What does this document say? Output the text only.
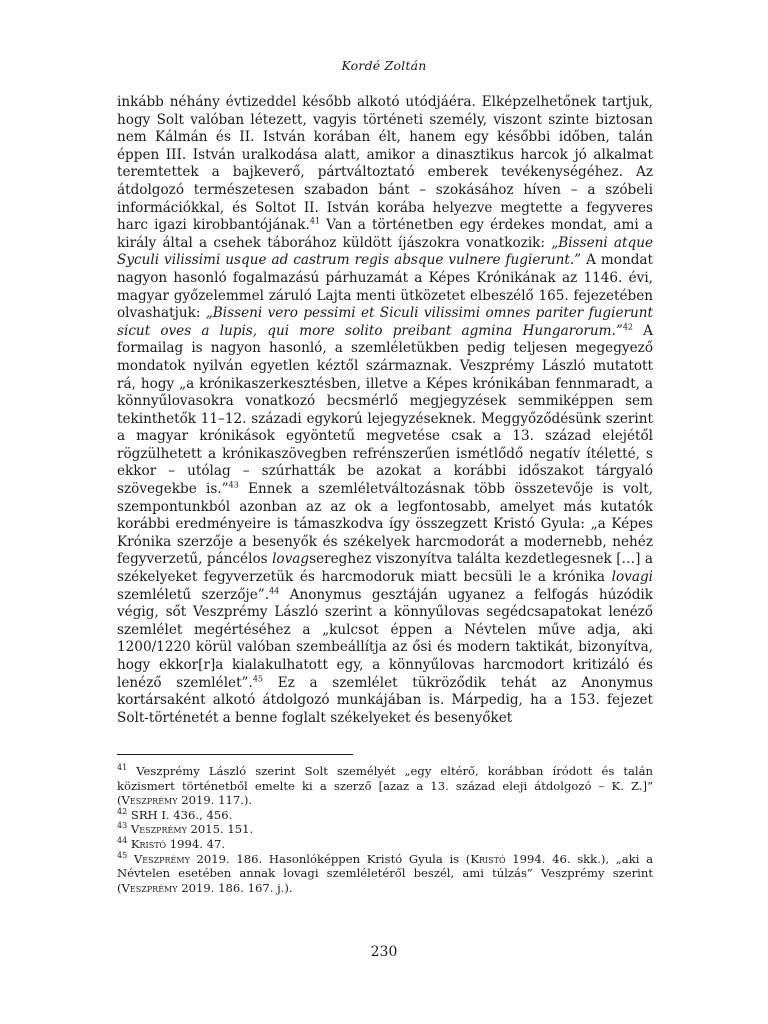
Kordé Zoltán

inkább néhány évtizeddel később alkotó utódjáéra. Elképzelhetőnek tartjuk, hogy Solt valóban létezett, vagyis történeti személy, viszont szinte biztosan nem Kálmán és II. István korában élt, hanem egy későbbi időben, talán éppen III. István uralkodása alatt, amikor a dinasztikus harcok jó alkalmat teremtettek a bajkeverő, pártváltoztató emberek tevékenységéhez. Az átdolgozó természetesen szabadon bánt – szokásához híven – a szóbeli információkkal, és Soltot II. István korába helyezve megtette a fegyveres harc igazi kirobbantójának.$^{41}$ Van a történetben egy érdekes mondat, ami a király által a csehek táborához küldött íjászokra vonatkozik: „Bisseni atque Syculi vilissimi usque ad castrum regis absque vulnere fugierunt.” A mondat nagyon hasonló fogalmazású párhuzamát a Képes Krónikának az 1146. évi, magyar győzelemmel záruló Lajta menti ütközetet elbeszélő 165. fejezetében olvashatjuk: „Bisseni vero pessimi et Siculi vilissimi omnes pariter fugierunt sicut oves a lupis, qui more solito preibant agmina Hungarorum.”$^{42}$ A formailag is nagyon hasonló, a szemléletükben pedig teljesen megegyező mondatok nyilván egyetlen kéztől származnak. Veszprémy László mutatott rá, hogy „a krónikaszerkesztésben, illetve a Képes krónikában fennmaradt, a könnyűlovasokra vonatkozó becsmérlő megjegyzések semmiképpen sem tekinthetők 11–12. századi egykorú lejegyzéseknek. Meggyőződésünk szerint a magyar krónikások egyöntetű megvetése csak a 13. század elejétől rögzülhetett a krónikaszövegben refrénszerűen ismétlődő negatív ítéletté, s ekkor – utólag – szúrhatták be azokat a korábbi időszakot tárgyaló szövegekbe is.”$^{43}$ Ennek a szemléletváltozásnak több összetevője is volt, szempontunkból azonban az az ok a legfontosabb, amelyet más kutatók korábbi eredményeire is támaszkodva így összegzett Kristó Gyula: „a Képes Krónika szerzője a besenyők és székelyek harcmodorát a modernebb, nehéz fegyverzetű, páncélos lovagsereghez viszonyítva találta kezdetlegesnek […] a székelyeket fegyverzetük és harcmodoruk miatt becsüli le a krónika lovagi szemléletű szerzője”.$^{44}$ Anonymus gesztáján ugyanez a felfogás húzódik végig, sőt Veszprémy László szerint a könnyűlovas segédcsapatokat lenéző szemlélet megértéséhez a „kulcsot éppen a Névtelen műve adja, aki 1200/1220 körül valóban szembeállítja az ősi és modern taktikát, bizonyítva, hogy ekkor[r]a kialakulhatott egy, a könnyűlovas harcmodort kritizáló és lenéző szemlélet”.$^{45}$ Ez a szemlélet tükröződik tehát az Anonymus kortársaként alkotó átdolgozó munkájában is. Márpedig, ha a 153. fejezet Solt-történetét a benne foglalt székelyeket és besenyőket

$^{41}$ Veszprémy László szerint Solt személyét „egy eltérő, korábban íródott és talán közismert történetből emelte ki a szerző [azaz a 13. század eleji átdolgozó – K. Z.]” (Veszprémy 2019. 117.).

$^{42}$ SRH I. 436., 456.

$^{43}$ Veszprémy 2015. 151.

$^{44}$ Kristó 1994. 47.

$^{45}$ Veszprémy 2019. 186. Hasonlóképpen Kristó Gyula is (Kristó 1994. 46. skk.), „aki a Névtelen esetében annak lovagi szemléletéről beszél, ami túlzás” Veszprémy szerint (Veszprémy 2019. 186. 167. j.).

230
